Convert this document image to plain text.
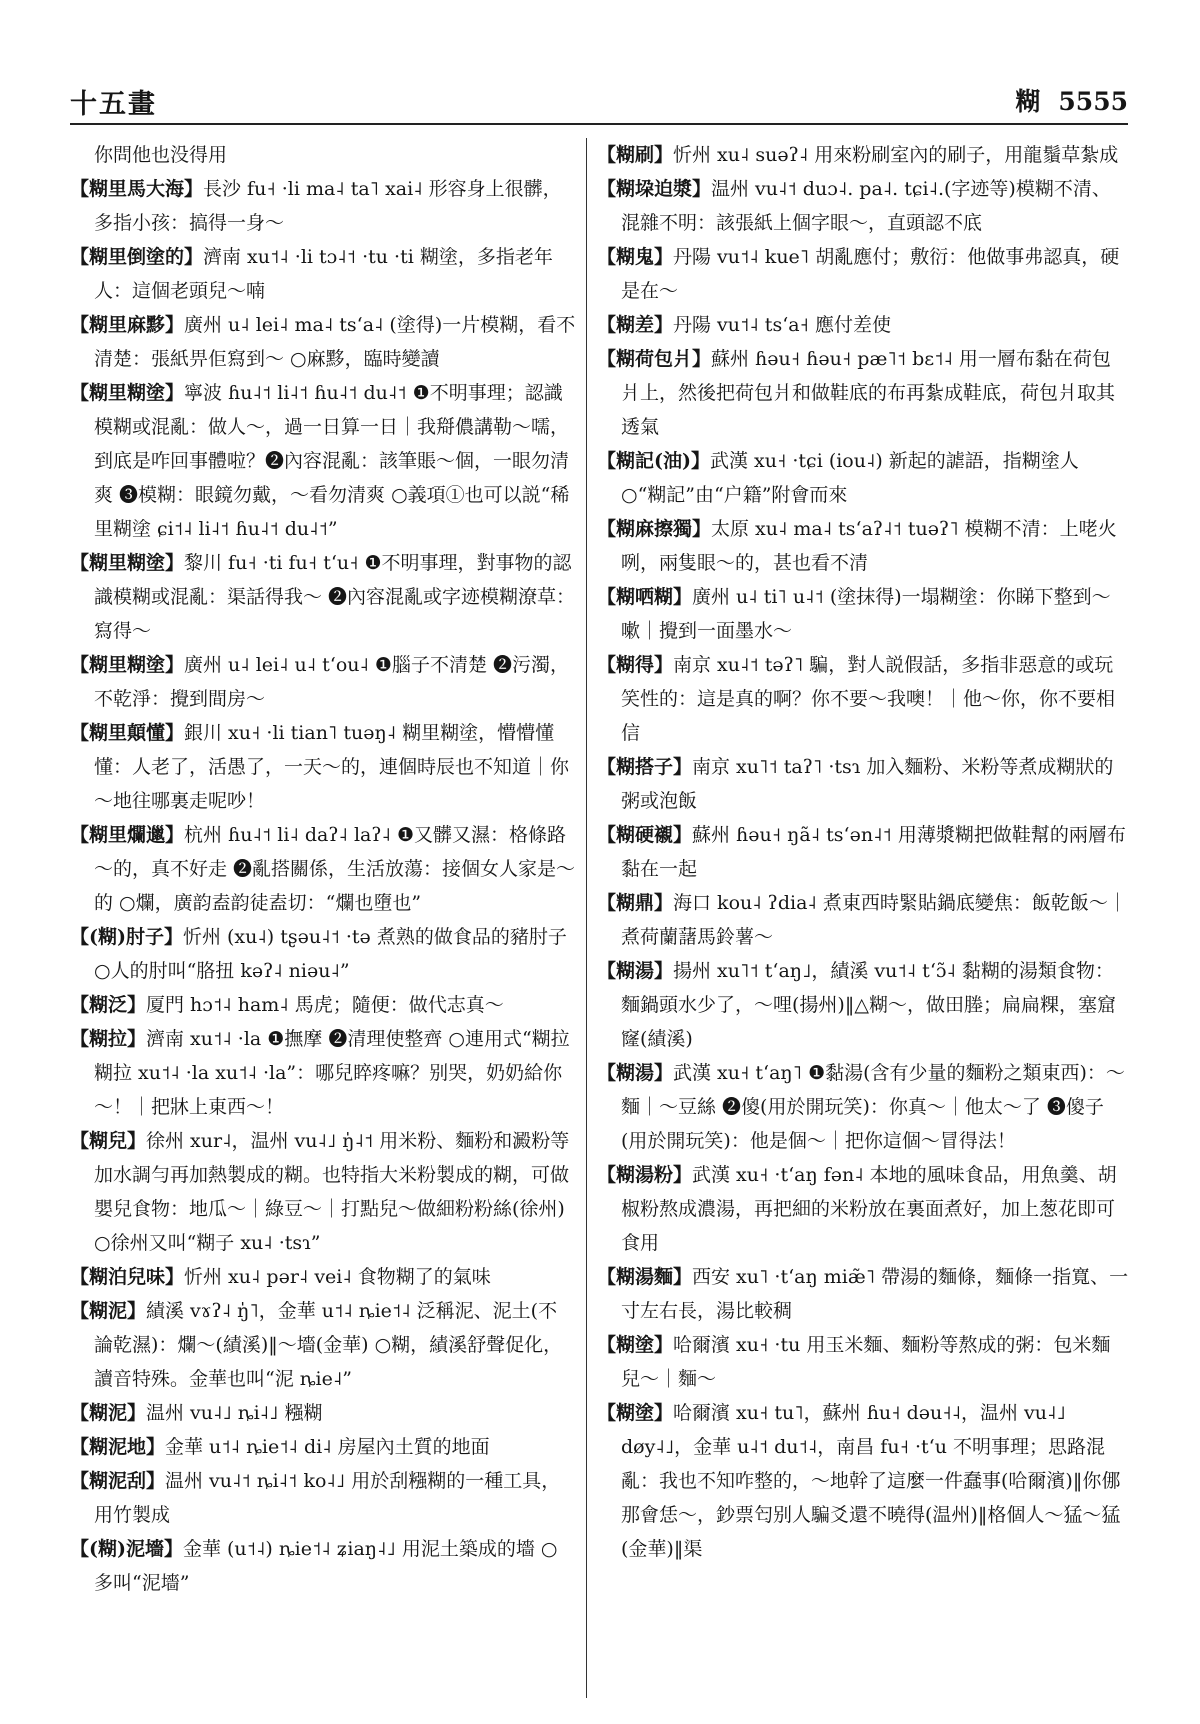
十五畫	糊 5555

你問他也没得用

【糊里馬大海】長沙 fu˧ ·li ma˨ ta˥ xai˨ 形容身上很髒，多指小孩：搞得一身～

【糊里倒塗的】濟南 xu˦˨ ·li tɔ˨˦ ·tu ·ti 糊塗，多指老年人：這個老頭兒～喃

【糊里麻黟】廣州 u˨ lei˨ ma˨ tsʻa˨ (塗得)一片模糊，看不清楚：張紙畀佢寫到～ ○麻黟，臨時變讀

【糊里糊塗】寧波 ɦu˨˦ li˨˦ ɦu˨˦ du˨˦ ❶不明事理；認識模糊或混亂：做人～，過一日算一日｜我搿儂講勒～嚅，到底是咋回事體啦？❷內容混亂：該筆賬～個，一眼勿清爽 ❸模糊：眼鏡勿戴，～看勿清爽 ○義項①也可以説“稀里糊塗 ɕi˦˨ li˨˦ ɦu˨˦ du˨˦”

【糊里糊塗】黎川 fu˧ ·ti fu˧ tʻu˧ ❶不明事理，對事物的認識模糊或混亂：渠話得我～ ❷內容混亂或字迹模糊潦草：寫得～

【糊里糊塗】廣州 u˨ lei˨ u˨ tʻou˨ ❶腦子不清楚 ❷污濁，不乾淨：攪到間房～

【糊里顛懂】銀川 xu˧ ·li tian˥ tuəŋ˨ 糊里糊塗，懵懵懂懂：人老了，活愚了，一天～的，連個時辰也不知道｜你～地往哪裏走呢吵！

【糊里爛邋】杭州 ɦu˨˦ li˨ daʔ˨ laʔ˨ ❶又髒又濕：格條路～的，真不好走 ❷亂搭關係，生活放蕩：接個女人家是～的 ○爛，廣韵盍韵徒盍切：“爛也墮也”

【(糊)肘子】忻州 (xu˨) tʂəu˨˦ ·tə 煮熟的做食品的豬肘子 ○人的肘叫“胳扭 kəʔ˨ niəu˨”

【糊泛】厦門 hɔ˦˨ ham˨ 馬虎；隨便：做代志真～

【糊拉】濟南 xu˦˨ ·la ❶撫摩 ❷清理使整齊 ○連用式“糊拉糊拉 xu˦˨ ·la xu˦˨ ·la”：哪兒睟疼嘛？别哭，奶奶給你～！｜把牀上東西～！

【糊兒】徐州 xur˨，温州 vu˨˩ ŋ̍˨˦ 用米粉、麵粉和澱粉等加水調勻再加熱製成的糊。也特指大米粉製成的糊，可做嬰兒食物：地瓜～｜綠豆～｜打點兒～做細粉粉絲(徐州) ○徐州又叫“糊子 xu˨ ·tsɿ”

【糊泊兒味】忻州 xu˨ pər˨ vei˨ 食物糊了的氣味

【糊泥】績溪 vɤʔ˨ ŋ̍˥，金華 u˦˨ ȵie˦˨ 泛稱泥、泥土(不論乾濕)：爛～(績溪)‖～墻(金華) ○糊，績溪舒聲促化，讀音特殊。金華也叫“泥 ȵie˨”

【糊泥】温州 vu˨˩ ȵi˨˩ 糨糊

【糊泥地】金華 u˦˨ ȵie˦˨ di˨ 房屋內土質的地面

【糊泥刮】温州 vu˨˦ ȵi˨˦ ko˨˩ 用於刮糨糊的一種工具，用竹製成

【(糊)泥墻】金華 (u˦˨) ȵie˦˨ ʑiaŋ˨˩ 用泥土築成的墻 ○多叫“泥墻”

【糊刷】忻州 xu˨ suəʔ˨ 用來粉刷室內的刷子，用龍鬚草紮成

【糊垜迫漿】温州 vu˨˦ duɔ˨. pa˨. tɕi˨.(字迹等)模糊不清、混雜不明：該張紙上個字眼～，直頭認不底

【糊鬼】丹陽 vu˦˨ kue˥ 胡亂應付；敷衍：他做事弗認真，硬是在～

【糊差】丹陽 vu˦˨ tsʻa˧ 應付差使

【糊荷包爿】蘇州 ɦəu˧ ɦəu˧ pæ˥˦ bɛ˦˨ 用一層布黏在荷包爿上，然後把荷包爿和做鞋底的布再紮成鞋底，荷包爿取其透氣

【糊記(油)】武漢 xu˧ ·tɕi (iou˨) 新起的謔語，指糊塗人 ○“糊記”由“户籍”附會而來

【糊麻擦獨】太原 xu˨ ma˨ tsʻaʔ˨˦ tuəʔ˥ 模糊不清：上咾火咧，兩隻眼～的，甚也看不清

【糊哂糊】廣州 u˨ ti˥ u˨˦ (塗抹得)一塌糊塗：你睇下整到～嗽｜攪到一面墨水～

【糊得】南京 xu˨˦ təʔ˥ 騙，對人説假話，多指非惡意的或玩笑性的：這是真的啊？你不要～我噢！｜他～你，你不要相信

【糊搭子】南京 xu˥˦ taʔ˥ ·tsɿ 加入麵粉、米粉等煮成糊狀的粥或泡飯

【糊硬襯】蘇州 ɦəu˧ ŋã˨ tsʻən˨˦ 用薄漿糊把做鞋幫的兩層布黏在一起

【糊鼎】海口 kou˨ ʔdia˨ 煮東西時緊貼鍋底變焦：飯乾飯～｜煮荷蘭藷馬鈴薯～

【糊湯】揚州 xu˥˦ tʻaŋ˩，績溪 vu˦˨ tʻɔ̃˨ 黏糊的湯類食物：麵鍋頭水少了，～哩(揚州)‖△糊～，做田塍；扁扁粿，塞窟窿(績溪)

【糊湯】武漢 xu˧ tʻaŋ˥ ❶黏湯(含有少量的麵粉之類東西)：～麵｜～豆絲 ❷傻(用於開玩笑)：你真～｜他太～了 ❸傻子(用於開玩笑)：他是個～｜把你這個～冒得法！

【糊湯粉】武漢 xu˧ ·tʻaŋ fən˨ 本地的風味食品，用魚羹、胡椒粉熬成濃湯，再把細的米粉放在裏面煮好，加上葱花即可食用

【糊湯麵】西安 xu˥ ·tʻaŋ miæ̃˥ 帶湯的麵條，麵條一指寬、一寸左右長，湯比較稠

【糊塗】哈爾濱 xu˧ ·tu 用玉米麵、麵粉等熬成的粥：包米麵兒～｜麵～

【糊塗】哈爾濱 xu˧ tu˥，蘇州 ɦu˧ dəu˧˨，温州 vu˨˩ døy˨˩，金華 u˨˦ du˦˨，南昌 fu˧ ·tʻu 不明事理；思路混亂：我也不知咋整的，～地幹了這麼一件蠢事(哈爾濱)‖你㑚那會恁～，鈔票匄别人騙爻還不曉得(温州)‖格個人～猛～猛(金華)‖渠
